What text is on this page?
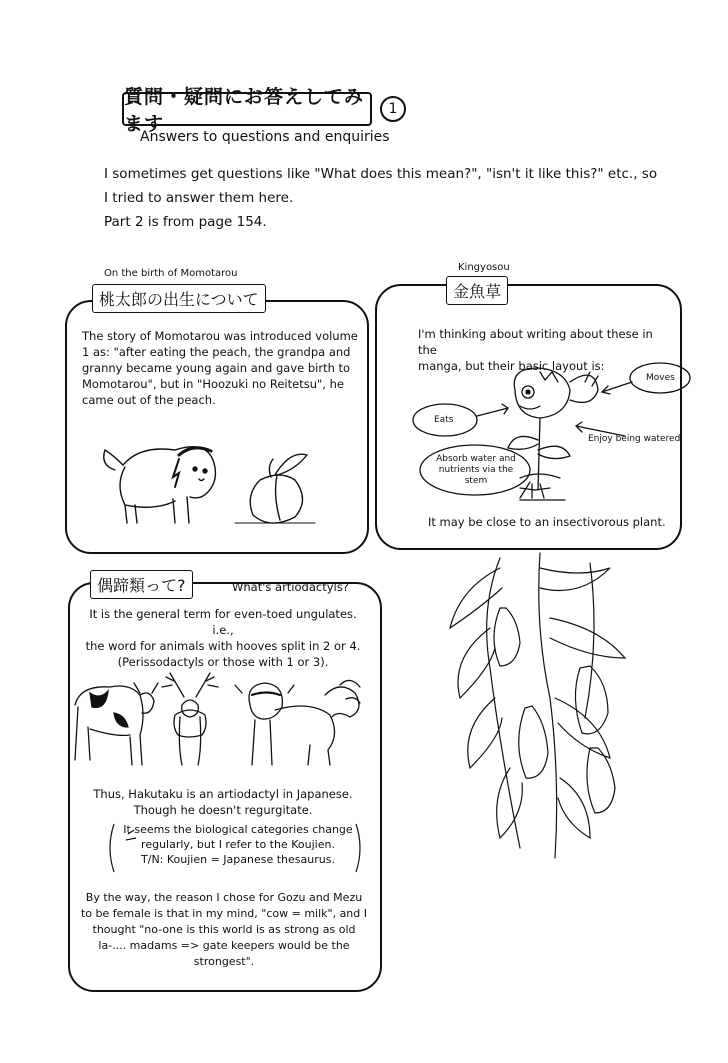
質問・疑問にお答えしてみます
1
Answers to questions and enquiries
I sometimes get questions like "What does this mean?", "isn't it like this?" etc., so
I tried to answer them here.
Part 2 is from page 154.
On the birth of Momotarou
桃太郎の出生について
The story of Momotarou was introduced volume
1 as: "after eating the peach, the grandpa and
granny became young again and gave birth to
Momotarou", but in "Hoozuki no Reitetsu", he
came out of the peach.
Kingyosou
金魚草
I'm thinking about writing about these in the
manga, but their basic layout is:
Moves
Eats
Enjoy being watered
Absorb water and
nutrients via the
stem
It may be close to an insectivorous plant.
偶蹄類って?	What's artiodactyls?
It is the general term for even-toed ungulates. i.e.,
the word for animals with hooves split in 2 or 4.
(Perissodactyls or those with 1 or 3).
Thus, Hakutaku is an artiodactyl in Japanese.
Though he doesn't regurgitate.
It seems the biological categories change
regularly, but I refer to the Koujien.
T/N: Koujien = Japanese thesaurus.
By the way, the reason I chose for Gozu and Mezu
to be female is that in my mind, "cow = milk", and I
thought "no-one is this world is as strong as old
la-.... madams => gate keepers would be the
strongest".
